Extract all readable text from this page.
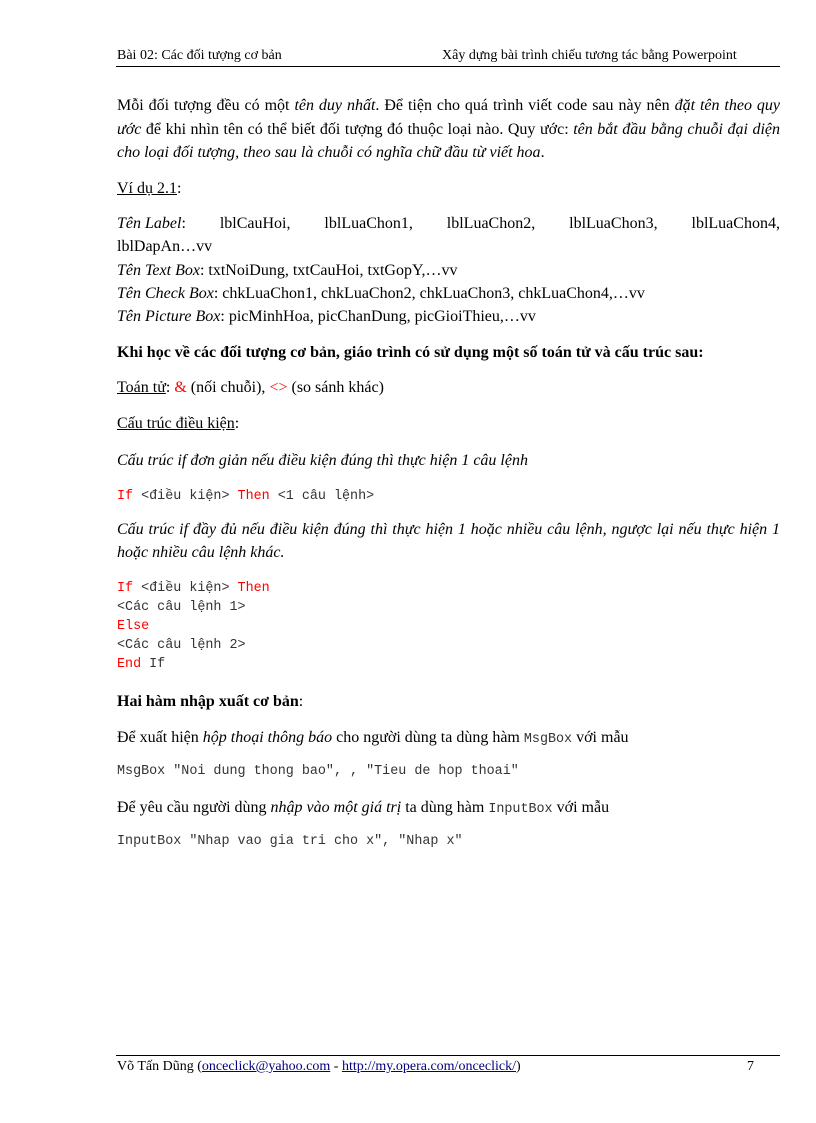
Bài 02: Các đối tượng cơ bản	Xây dựng bài trình chiếu tương tác bằng Powerpoint
Mỗi đối tượng đều có một tên duy nhất. Để tiện cho quá trình viết code sau này nên đặt tên theo quy ước để khi nhìn tên có thể biết đối tượng đó thuộc loại nào. Quy ước: tên bắt đầu bằng chuỗi đại diện cho loại đối tượng, theo sau là chuỗi có nghĩa chữ đầu từ viết hoa.
Ví dụ 2.1:
Tên Label: lblCauHoi, lblLuaChon1, lblLuaChon2, lblLuaChon3, lblLuaChon4,
lblDapAn…vv
Tên Text Box: txtNoiDung, txtCauHoi, txtGopY,…vv
Tên Check Box: chkLuaChon1, chkLuaChon2, chkLuaChon3, chkLuaChon4,…vv
Tên Picture Box: picMinhHoa, picChanDung, picGioiThieu,…vv
Khi học về các đối tượng cơ bản, giáo trình có sử dụng một số toán tử và cấu trúc sau:
Toán tử: & (nối chuỗi), <> (so sánh khác)
Cấu trúc điều kiện:
Cấu trúc if đơn giản nếu điều kiện đúng thì thực hiện 1 câu lệnh
If <điều kiện> Then <1 câu lệnh>
Cấu trúc if đầy đủ nếu điều kiện đúng thì thực hiện 1 hoặc nhiều câu lệnh, ngược lại nếu thực hiện 1 hoặc nhiều câu lệnh khác.
If <điều kiện> Then
<Các câu lệnh 1>
Else
<Các câu lệnh 2>
End If
Hai hàm nhập xuất cơ bản:
Để xuất hiện hộp thoại thông báo cho người dùng ta dùng hàm MsgBox với mẫu
MsgBox "Noi dung thong bao", , "Tieu de hop thoai"
Để yêu cầu người dùng nhập vào một giá trị ta dùng hàm InputBox với mẫu
InputBox "Nhap vao gia tri cho x", "Nhap x"
Võ Tấn Dũng (onceclick@yahoo.com - http://my.opera.com/onceclick/)	7
